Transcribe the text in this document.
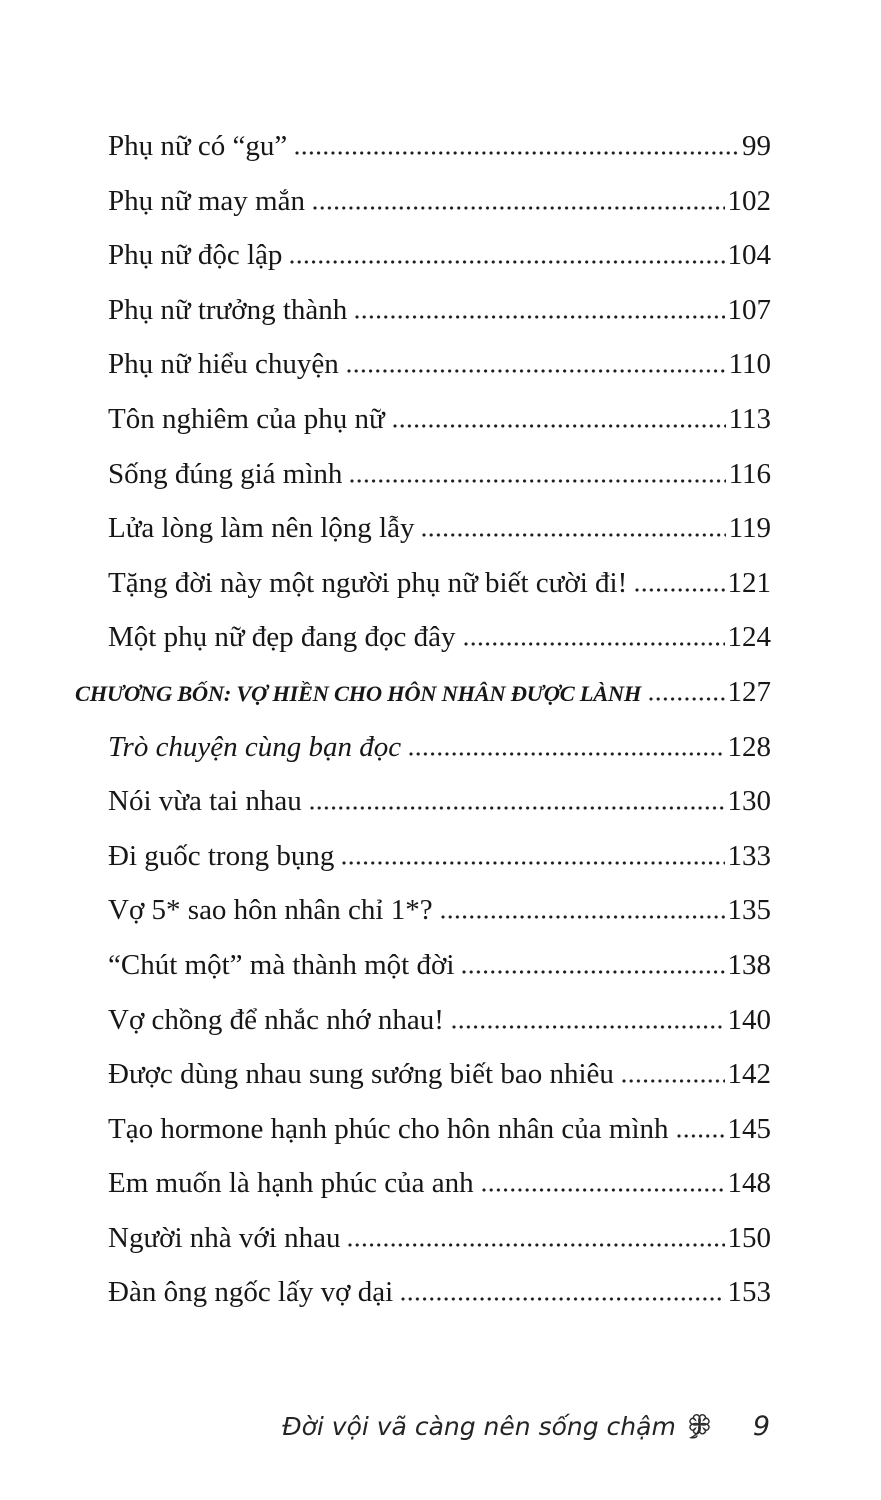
Phụ nữ có “gu”	99
Phụ nữ may mắn	102
Phụ nữ độc lập	104
Phụ nữ trưởng thành	107
Phụ nữ hiểu chuyện	110
Tôn nghiêm của phụ nữ	113
Sống đúng giá mình	116
Lửa lòng làm nên lộng lẫy	119
Tặng đời này một người phụ nữ biết cười đi!	121
Một phụ nữ đẹp đang đọc đây	124
CHƯƠNG BỐN: VỢ HIỀN CHO HÔN NHÂN ĐƯỢC LÀNH	127
Trò chuyện cùng bạn đọc	128
Nói vừa tai nhau	130
Đi guốc trong bụng	133
Vợ 5* sao hôn nhân chỉ 1*?	135
“Chút một” mà thành một đời	138
Vợ chồng để nhắc nhớ nhau!	140
Được dùng nhau sung sướng biết bao nhiêu	142
Tạo hormone hạnh phúc cho hôn nhân của mình 145
Em muốn là hạnh phúc của anh	148
Người nhà với nhau	150
Đàn ông ngốc lấy vợ dại	153
Đời vội vã càng nên sống chậm	9
